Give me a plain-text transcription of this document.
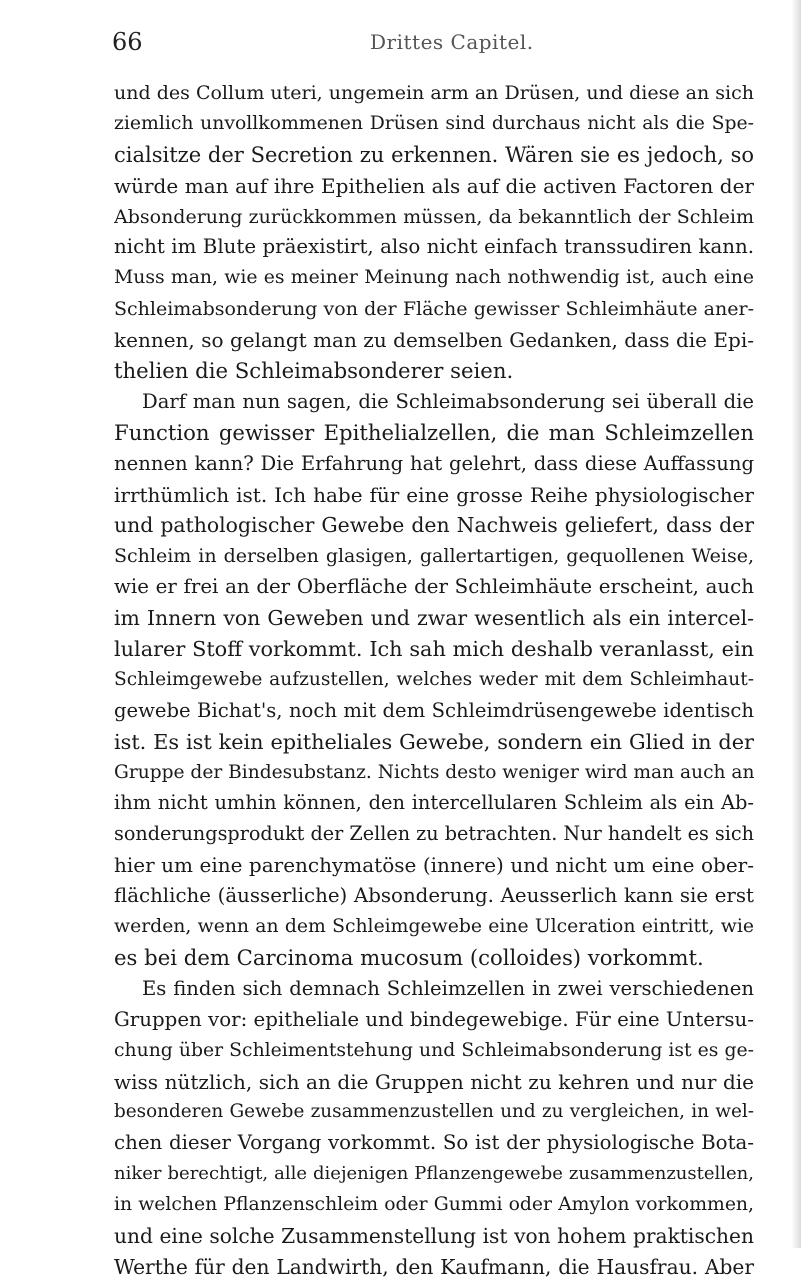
66	Drittes Capitel.
und des Collum uteri, ungemein arm an Drüsen, und diese an sich
ziemlich unvollkommenen Drüsen sind durchaus nicht als die Spe-
cialsitze der Secretion zu erkennen. Wären sie es jedoch, so
würde man auf ihre Epithelien als auf die activen Factoren der
Absonderung zurückkommen müssen, da bekanntlich der Schleim
nicht im Blute präexistirt, also nicht einfach transsudiren kann.
Muss man, wie es meiner Meinung nach nothwendig ist, auch eine
Schleimabsonderung von der Fläche gewisser Schleimhäute aner-
kennen, so gelangt man zu demselben Gedanken, dass die Epi-
thelien die Schleimabsonderer seien.
Darf man nun sagen, die Schleimabsonderung sei überall die
Function gewisser Epithelialzellen, die man Schleimzellen
nennen kann? Die Erfahrung hat gelehrt, dass diese Auffassung
irrthümlich ist. Ich habe für eine grosse Reihe physiologischer
und pathologischer Gewebe den Nachweis geliefert, dass der
Schleim in derselben glasigen, gallertartigen, gequollenen Weise,
wie er frei an der Oberfläche der Schleimhäute erscheint, auch
im Innern von Geweben und zwar wesentlich als ein intercel-
lularer Stoff vorkommt. Ich sah mich deshalb veranlasst, ein
Schleimgewebe aufzustellen, welches weder mit dem Schleimhaut-
gewebe Bichat's, noch mit dem Schleimdrüsengewebe identisch
ist. Es ist kein epitheliales Gewebe, sondern ein Glied in der
Gruppe der Bindesubstanz. Nichts desto weniger wird man auch an
ihm nicht umhin können, den intercellularen Schleim als ein Ab-
sonderungsprodukt der Zellen zu betrachten. Nur handelt es sich
hier um eine parenchymatöse (innere) und nicht um eine ober-
flächliche (äusserliche) Absonderung. Aeusserlich kann sie erst
werden, wenn an dem Schleimgewebe eine Ulceration eintritt, wie
es bei dem Carcinoma mucosum (colloides) vorkommt.
Es finden sich demnach Schleimzellen in zwei verschiedenen
Gruppen vor: epitheliale und bindegewebige. Für eine Untersu-
chung über Schleimentstehung und Schleimabsonderung ist es ge-
wiss nützlich, sich an die Gruppen nicht zu kehren und nur die
besonderen Gewebe zusammenzustellen und zu vergleichen, in wel-
chen dieser Vorgang vorkommt. So ist der physiologische Bota-
niker berechtigt, alle diejenigen Pflanzengewebe zusammenzustellen,
in welchen Pflanzenschleim oder Gummi oder Amylon vorkommen,
und eine solche Zusammenstellung ist von hohem praktischen
Werthe für den Landwirth, den Kaufmann, die Hausfrau. Aber
